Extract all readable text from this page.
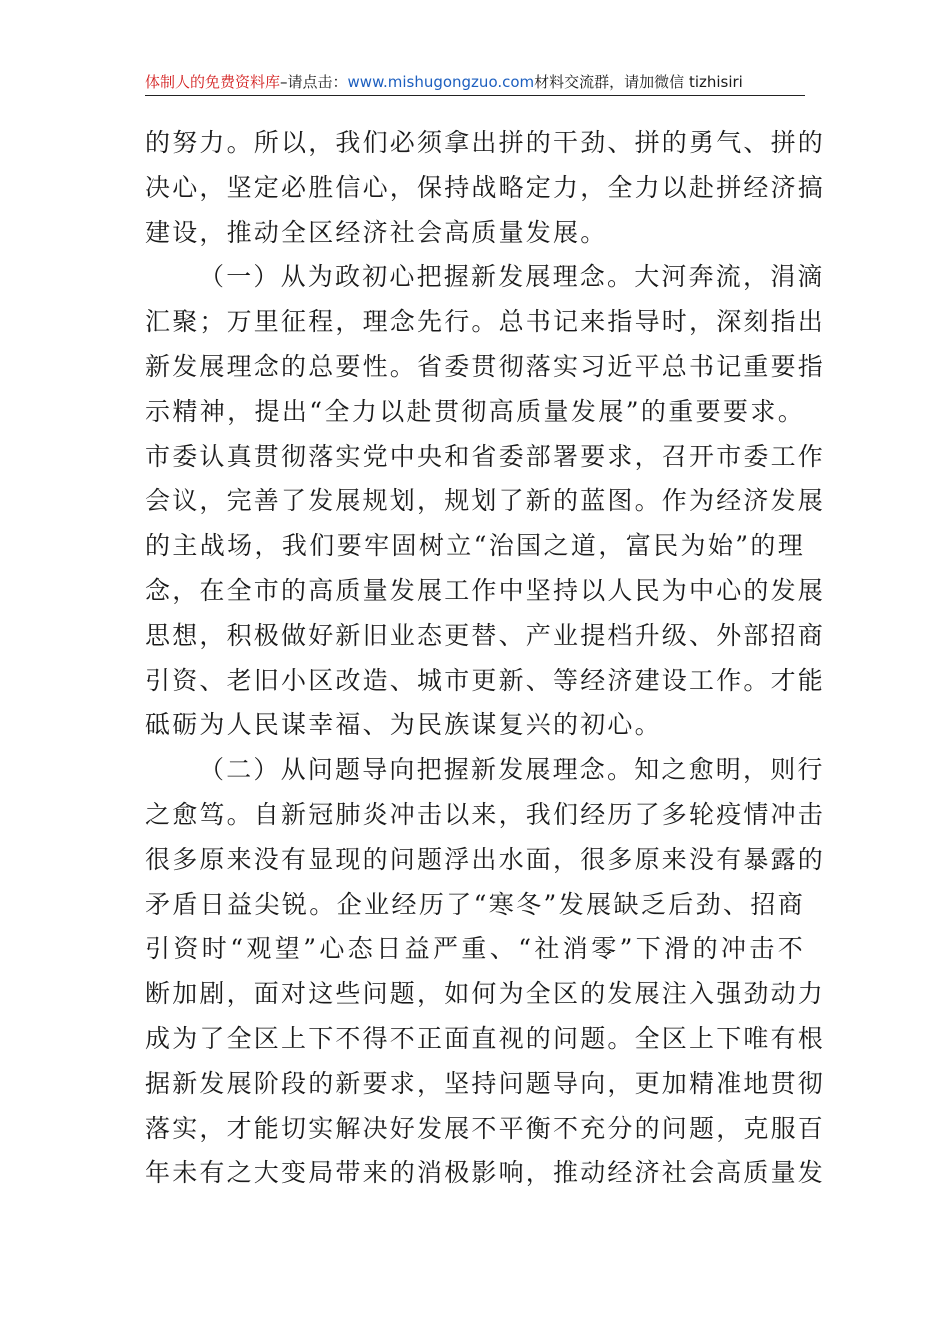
体制人的免费资料库–请点击：www.mishugongzuo.com材料交流群，请加微信 tizhisiri
的努力。所以，我们必须拿出拼的干劲、拼的勇气、拼的
决心，坚定必胜信心，保持战略定力，全力以赴拼经济搞
建设，推动全区经济社会高质量发展。
（一）从为政初心把握新发展理念。大河奔流，涓滴
汇聚；万里征程，理念先行。总书记来指导时，深刻指出
新发展理念的总要性。省委贯彻落实习近平总书记重要指
示精神，提出“全力以赴贯彻高质量发展”的重要要求。
市委认真贯彻落实党中央和省委部署要求，召开市委工作
会议，完善了发展规划，规划了新的蓝图。作为经济发展
的主战场，我们要牢固树立“治国之道，富民为始”的理
念，在全市的高质量发展工作中坚持以人民为中心的发展
思想，积极做好新旧业态更替、产业提档升级、外部招商
引资、老旧小区改造、城市更新、等经济建设工作。才能
砥砺为人民谋幸福、为民族谋复兴的初心。
（二）从问题导向把握新发展理念。知之愈明，则行
之愈笃。自新冠肺炎冲击以来，我们经历了多轮疫情冲击
很多原来没有显现的问题浮出水面，很多原来没有暴露的
矛盾日益尖锐。企业经历了“寒冬”发展缺乏后劲、招商
引资时“观望”心态日益严重、“社消零”下滑的冲击不
断加剧，面对这些问题，如何为全区的发展注入强劲动力
成为了全区上下不得不正面直视的问题。全区上下唯有根
据新发展阶段的新要求，坚持问题导向，更加精准地贯彻
落实，才能切实解决好发展不平衡不充分的问题，克服百
年未有之大变局带来的消极影响，推动经济社会高质量发
